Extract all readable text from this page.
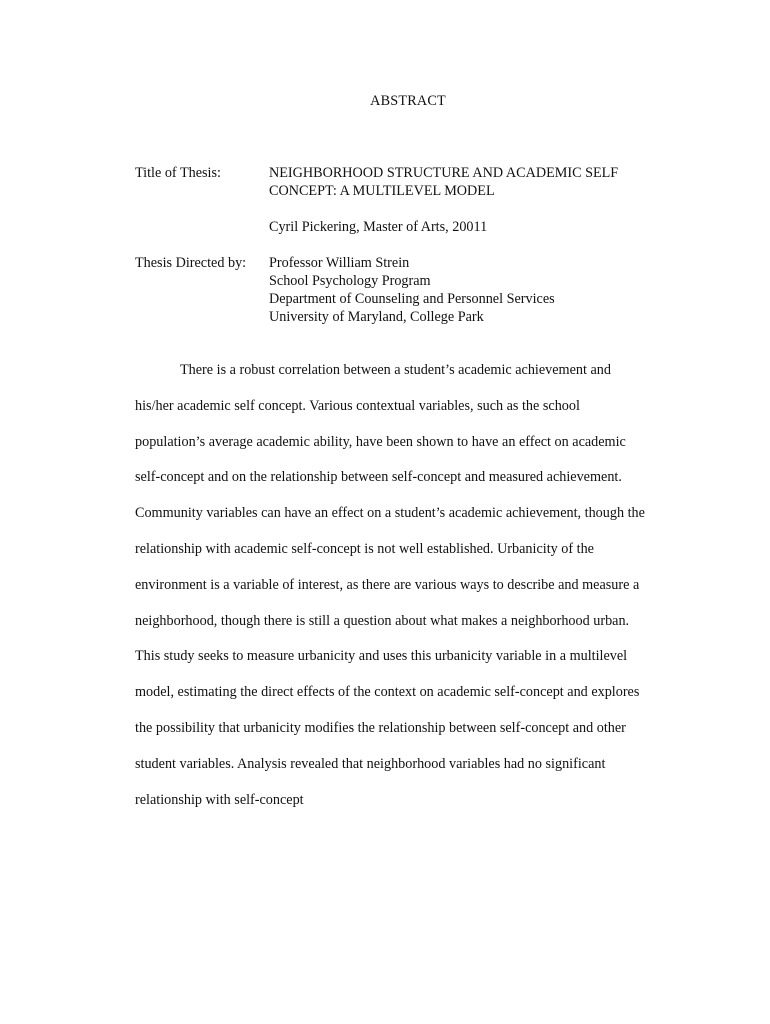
ABSTRACT
Title of Thesis:	NEIGHBORHOOD STRUCTURE AND ACADEMIC SELF
CONCEPT: A MULTILEVEL MODEL
Cyril Pickering, Master of Arts, 20011
Thesis Directed by:	Professor William Strein
School Psychology Program
Department of Counseling and Personnel Services
University of Maryland, College Park
There is a robust correlation between a student’s academic achievement and
his/her academic self concept. Various contextual variables, such as the school
population’s average academic ability, have been shown to have an effect on academic
self-concept and on the relationship between self-concept and measured achievement.
Community variables can have an effect on a student’s academic achievement, though the
relationship with academic self-concept is not well established. Urbanicity of the
environment is a variable of interest, as there are various ways to describe and measure a
neighborhood, though there is still a question about what makes a neighborhood urban.
This study seeks to measure urbanicity and uses this urbanicity variable in a multilevel
model, estimating the direct effects of the context on academic self-concept and explores
the possibility that urbanicity modifies the relationship between self-concept and other
student variables. Analysis revealed that neighborhood variables had no significant
relationship with self-concept
